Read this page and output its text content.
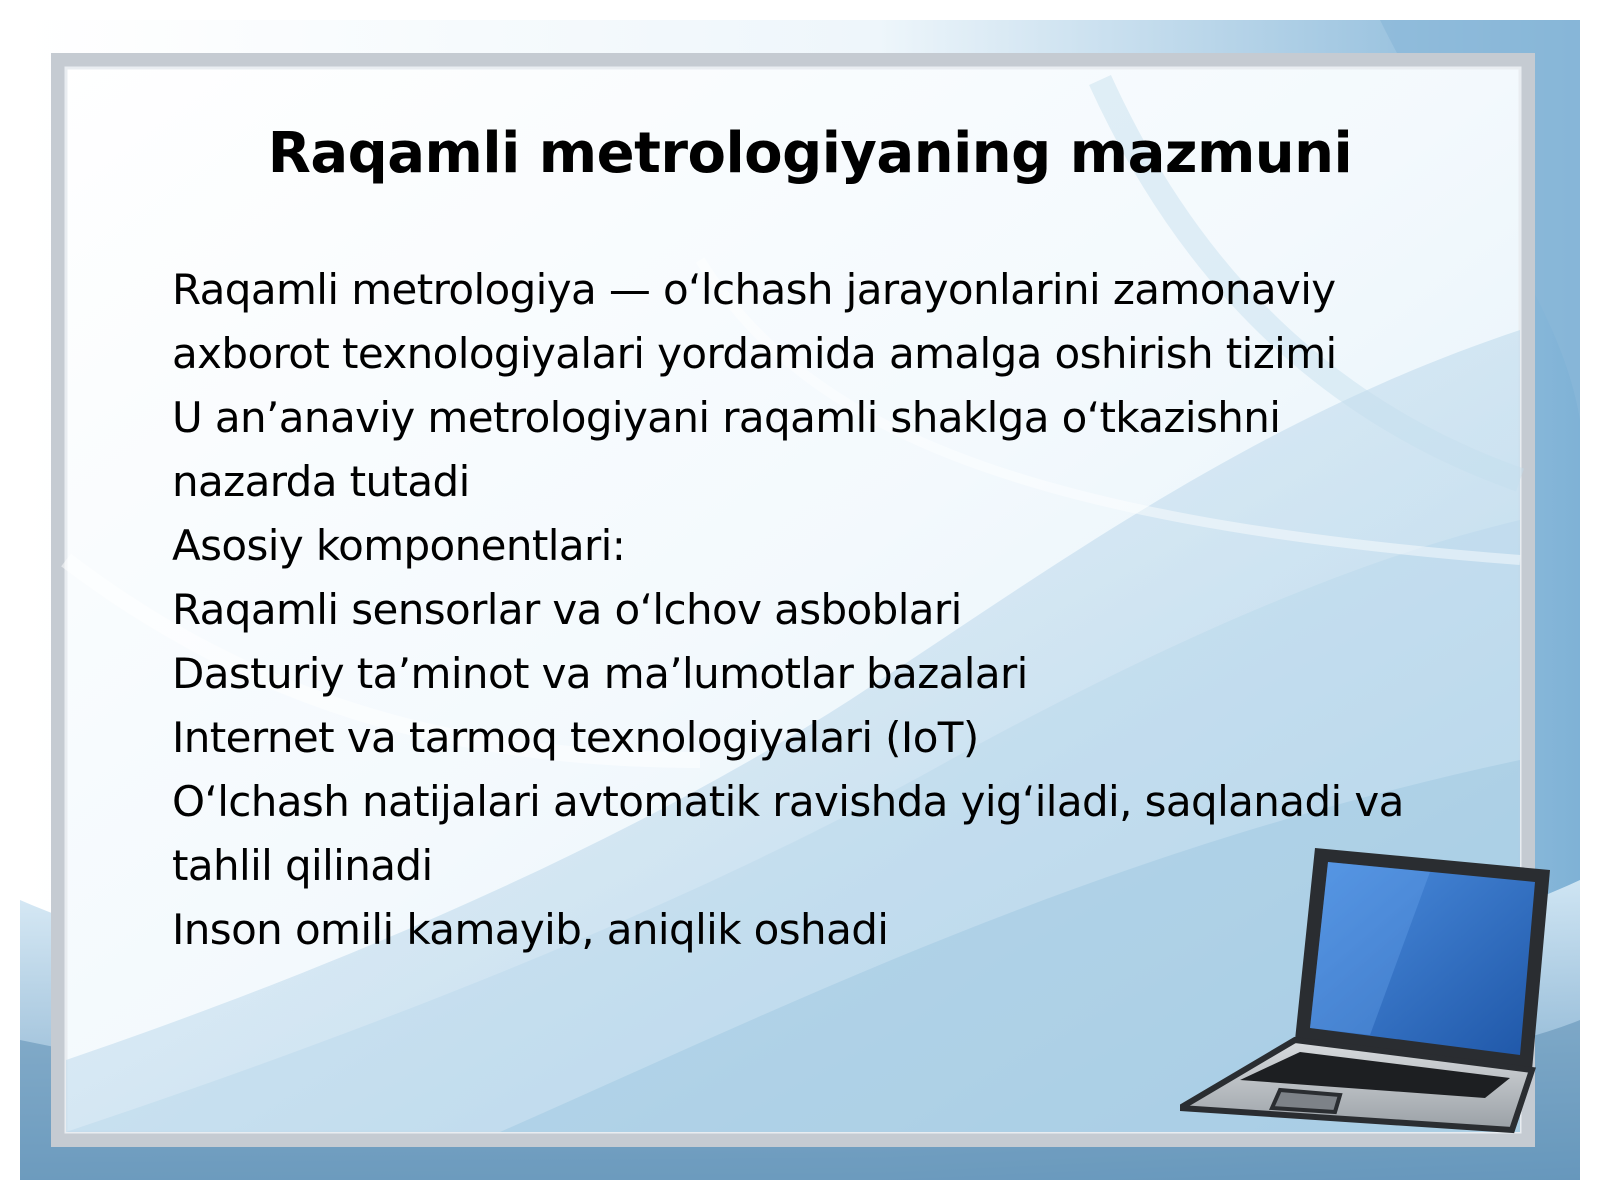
Raqamli metrologiyaning mazmuni
Raqamli metrologiya — o‘lchash jarayonlarini zamonaviy
axborot texnologiyalari yordamida amalga oshirish tizimi
U an’anaviy metrologiyani raqamli shaklga o‘tkazishni
nazarda tutadi
Asosiy komponentlari:
Raqamli sensorlar va o‘lchov asboblari
Dasturiy ta’minot va ma’lumotlar bazalari
Internet va tarmoq texnologiyalari (IoT)
O‘lchash natijalari avtomatik ravishda yig‘iladi, saqlanadi va
tahlil qilinadi
Inson omili kamayib, aniqlik oshadi
